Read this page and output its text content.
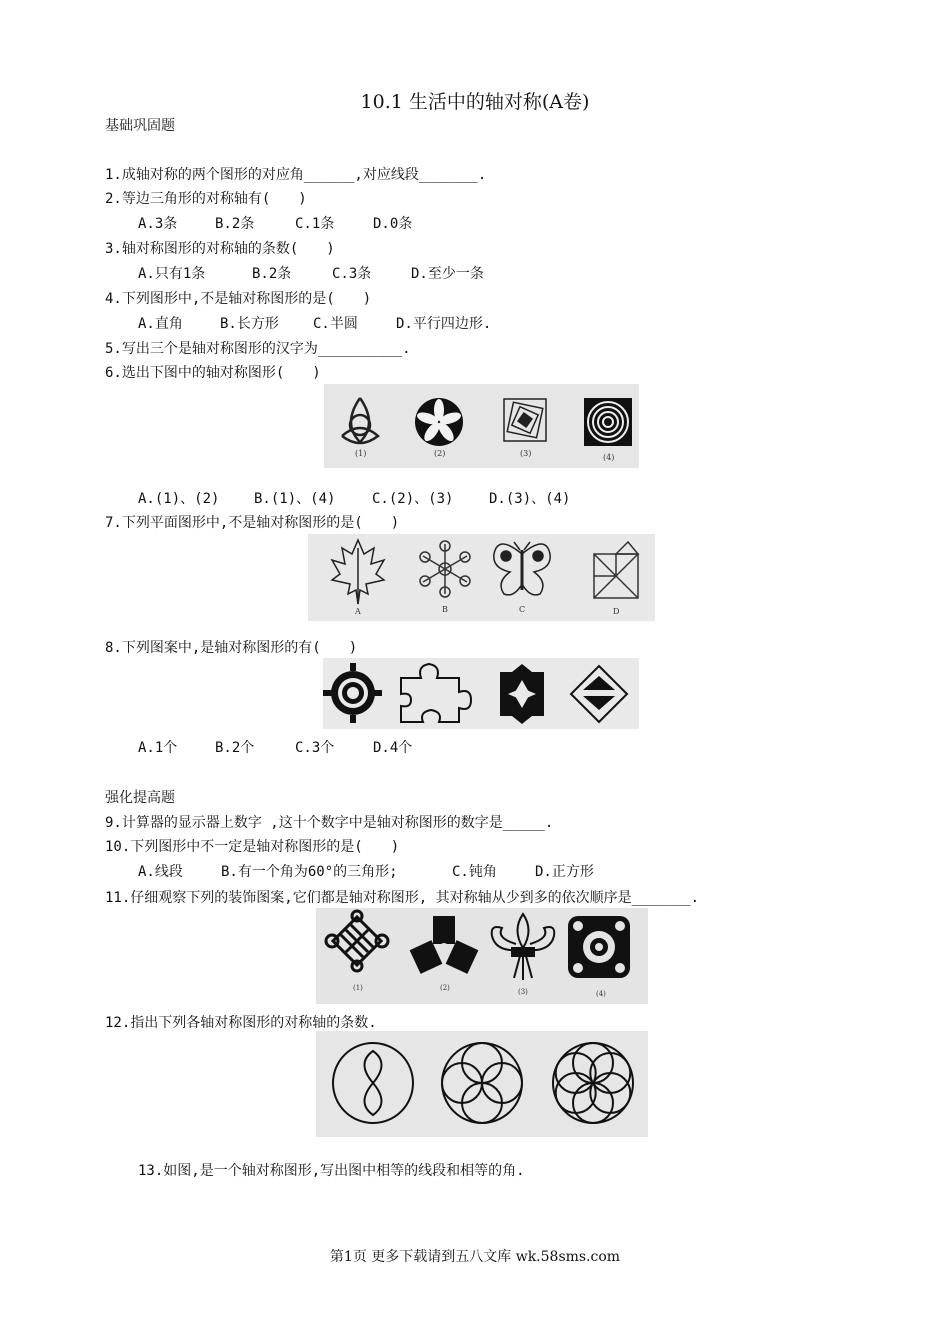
10.1 生活中的轴对称(A卷)
基础巩固题
1.成轴对称的两个图形的对应角______,对应线段_______.
2.等边三角形的对称轴有(　　)
A.3条	B.2条	C.1条	D.0条
3.轴对称图形的对称轴的条数(　　)
A.只有1条	B.2条	C.3条	D.至少一条
4.下列图形中,不是轴对称图形的是(　　)
A.直角	B.长方形 C.半圆	D.平行四边形.
5.写出三个是轴对称图形的汉字为__________.
6.选出下图中的轴对称图形(　　)
(1)	(2)	(3)	(4)
A.(1)、(2) B.(1)、(4)	C.(2)、(3)	D.(3)、(4)
7.下列平面图形中,不是轴对称图形的是(　　)
A	B	C	D
8.下列图案中,是轴对称图形的有(　　)
A.1个	B.2个	C.3个	D.4个
强化提高题
9.计算器的显示器上数字 ,这十个数字中是轴对称图形的数字是_____.
10.下列图形中不一定是轴对称图形的是(　　)
A.线段	B.有一个角为60°的三角形;	C.钝角	D.正方形
11.仔细观察下列的装饰图案,它们都是轴对称图形, 其对称轴从少到多的依次顺序是_______.
(1)	(2)	(3)	(4)
12.指出下列各轴对称图形的对称轴的条数.
13.如图,是一个轴对称图形,写出图中相等的线段和相等的角.
第1页 更多下载请到五八文库 wk.58sms.com
